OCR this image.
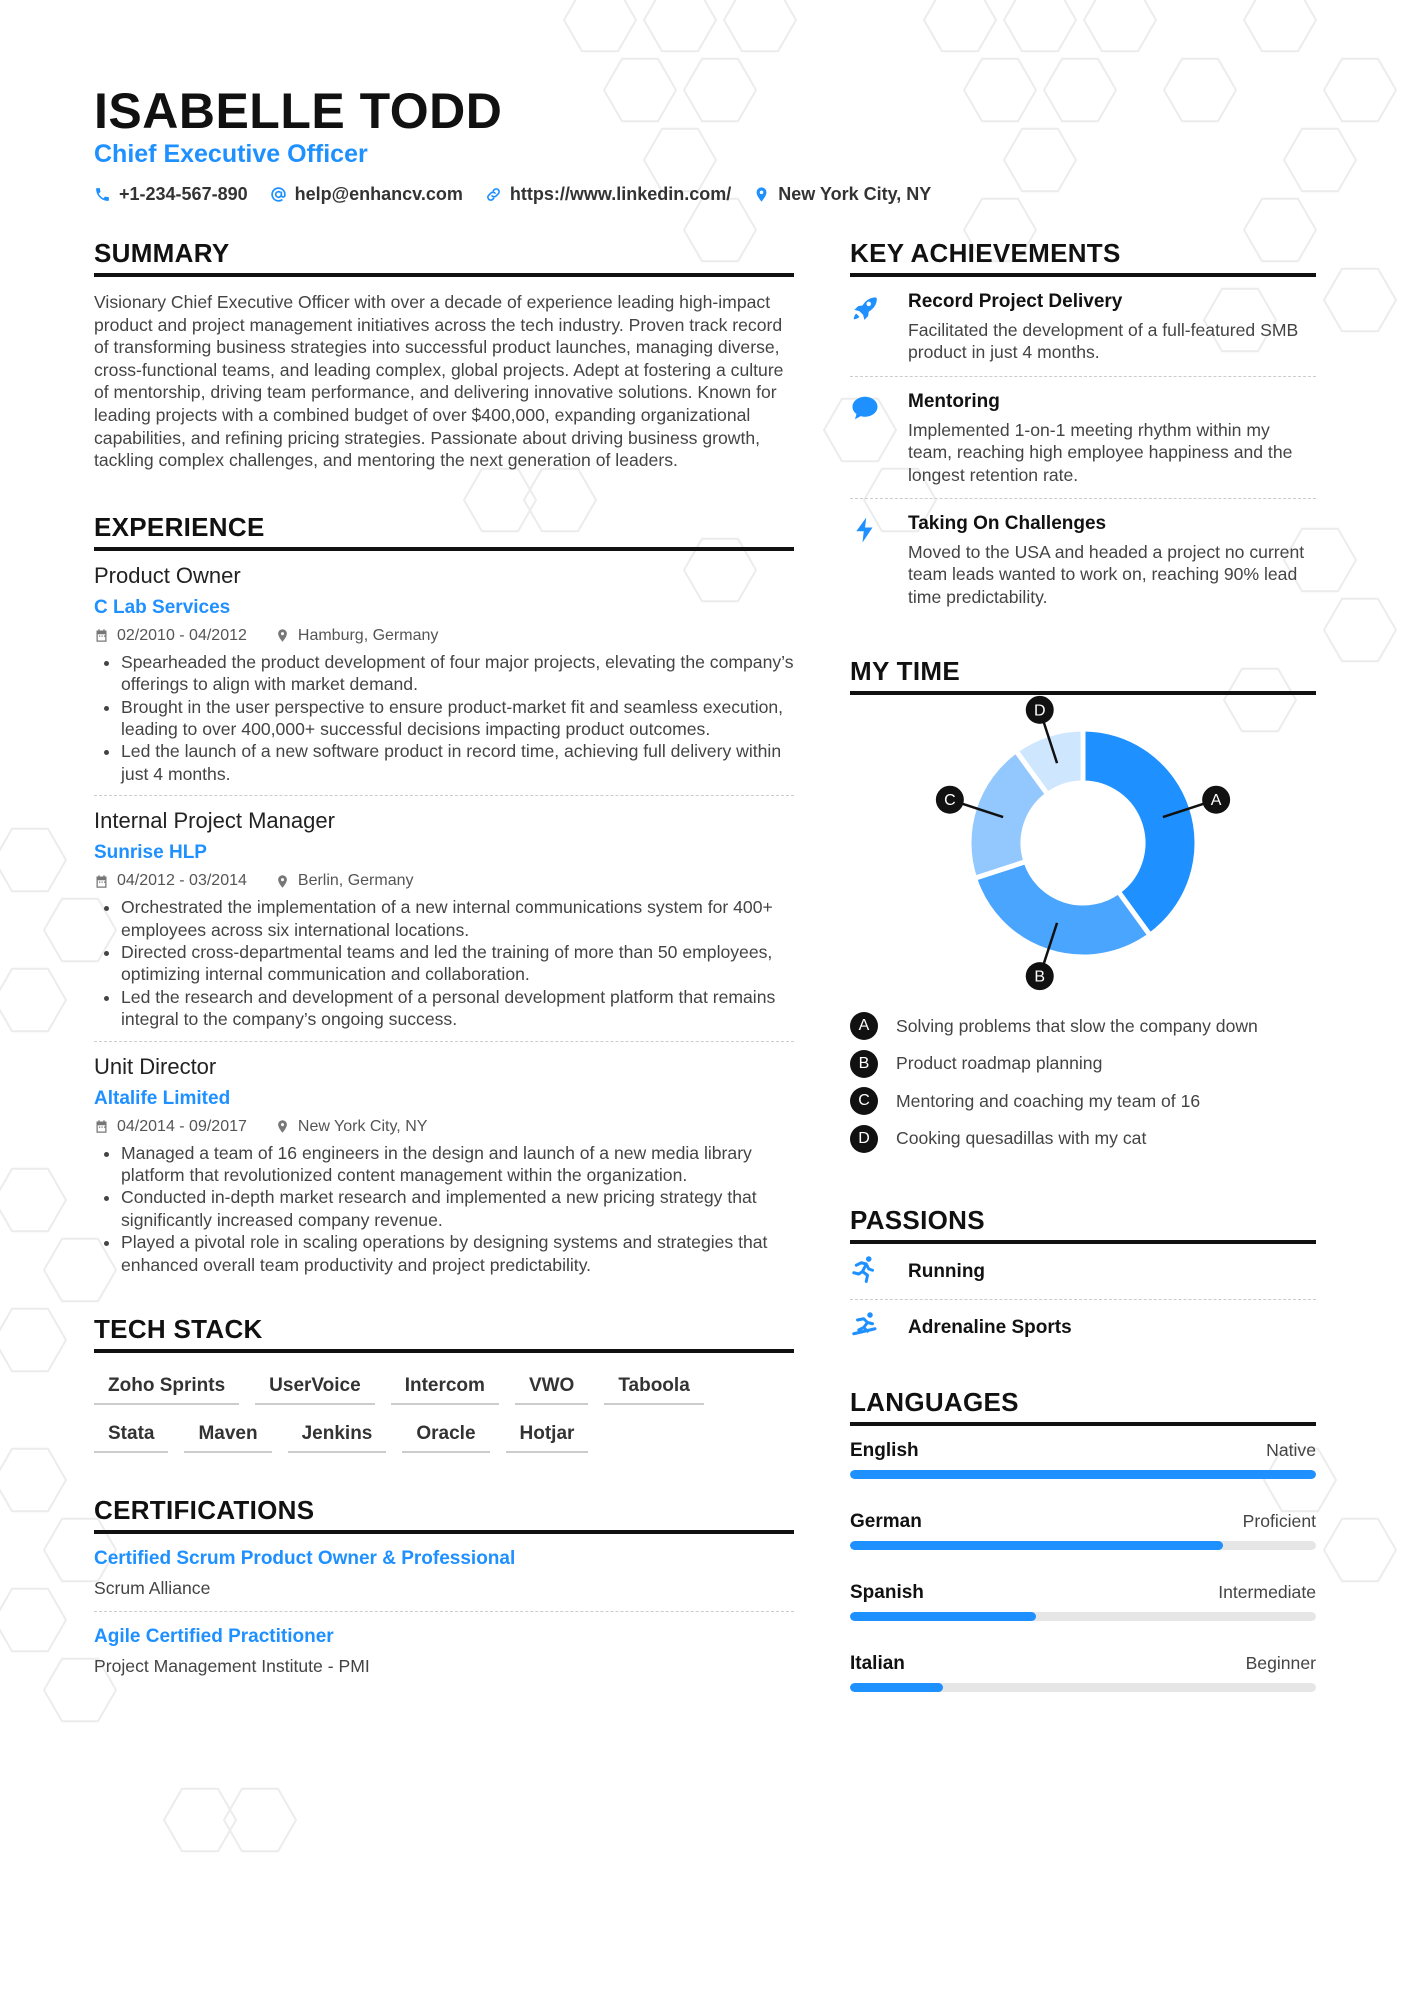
ISABELLE TODD
Chief Executive Officer
+1-234-567-890	help@enhancv.com	https://www.linkedin.com/	New York City, NY
SUMMARY

Visionary Chief Executive Officer with over a decade of experience leading high-impact product and project management initiatives across the tech industry. Proven track record of transforming business strategies into successful product launches, managing diverse, cross-functional teams, and leading complex, global projects. Adept at fostering a culture of mentorship, driving team performance, and delivering innovative solutions. Known for leading projects with a combined budget of over $400,000, expanding organizational capabilities, and refining pricing strategies. Passionate about driving business growth, tackling complex challenges, and mentoring the next generation of leaders.

EXPERIENCE

Product Owner

C Lab Services

02/2010 - 04/2012	Hamburg, Germany
• Spearheaded the product development of four major projects, elevating the company’s offerings to align with market demand.
• Brought in the user perspective to ensure product-market fit and seamless execution, leading to over 400,000+ successful decisions impacting product outcomes.
• Led the launch of a new software product in record time, achieving full delivery within just 4 months.

Internal Project Manager

Sunrise HLP

04/2012 - 03/2014	Berlin, Germany
• Orchestrated the implementation of a new internal communications system for 400+ employees across six international locations.
• Directed cross-departmental teams and led the training of more than 50 employees, optimizing internal communication and collaboration.
• Led the research and development of a personal development platform that remains integral to the company’s ongoing success.

Unit Director

Altalife Limited

04/2014 - 09/2017	New York City, NY
• Managed a team of 16 engineers in the design and launch of a new media library platform that revolutionized content management within the organization.
• Conducted in-depth market research and implemented a new pricing strategy that significantly increased company revenue.
• Played a pivotal role in scaling operations by designing systems and strategies that enhanced overall team productivity and project predictability.
TECH STACK
Zoho Sprints	UserVoice	Intercom	VWO	Taboola
Stata	Maven	Jenkins	Oracle	Hotjar
CERTIFICATIONS

Certified Scrum Product Owner & Professional

Scrum Alliance

Agile Certified Practitioner

Project Management Institute - PMI

KEY ACHIEVEMENTS

Record Project Delivery

Facilitated the development of a full-featured SMB product in just 4 months.

Mentoring

Implemented 1-on-1 meeting rhythm within my team, reaching high employee happiness and the longest retention rate.

Taking On Challenges

Moved to the USA and headed a project no current team leads wanted to work on, reaching 90% lead time predictability.

MY TIME
A
B
C
D
A	Solving problems that slow the company down
B	Product roadmap planning
C	Mentoring and coaching my team of 16
D	Cooking quesadillas with my cat
PASSIONS
Running
Adrenaline Sports
LANGUAGES
English	Native
German	Proficient
Spanish	Intermediate
Italian	Beginner
